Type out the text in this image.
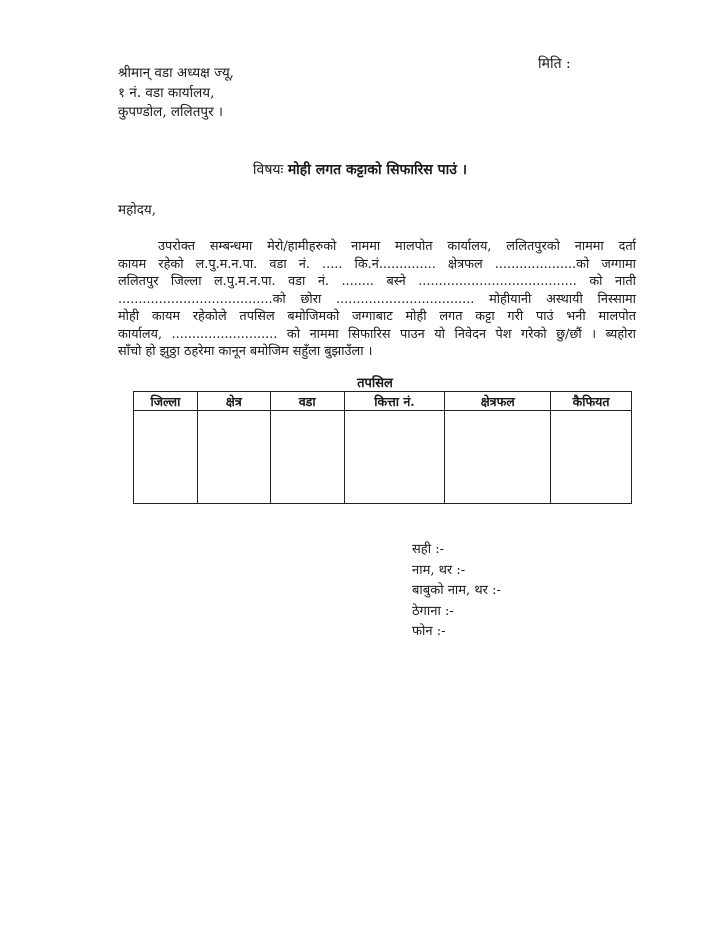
मिति :
श्रीमान् वडा अध्यक्ष ज्यू,
१ नं. वडा कार्यालय,
कुपण्डोल, ललितपुर ।
विषयः मोही लगत कट्टाको सिफारिस पाउं ।
महोदय,
उपरोक्त सम्बन्धमा मेरो/हामीहरुको नाममा मालपोत कार्यालय, ललितपुरको नाममा दर्ता
कायम रहेको ल.पु.म.न.पा. वडा नं. ..... कि.नं.............. क्षेत्रफल ....................को जग्गामा
ललितपुर जिल्ला ल.पु.म.न.पा. वडा नं. ........ बस्ने ....................................... को नाती
......................................को छोरा .................................. मोहीयानी अस्थायी निस्सामा
मोही कायम रहेकोले तपसिल बमोजिमको जग्गाबाट मोही लगत कट्टा गरी पाउं भनी मालपोत
कार्यालय, .......................... को नाममा सिफारिस पाउन यो निवेदन पेश गरेको छु/छौं । ब्यहोरा
साँचो हो झुठ्ठा ठहरेमा कानून बमोजिम सहुँला बुझाउँला ।
तपसिल
जिल्ला	क्षेत्र	वडा	कित्ता नं.	क्षेत्रफल	कैफियत

सही :-
नाम, थर :-
बाबुको नाम, थर :-
ठेगाना :-
फोन :-
